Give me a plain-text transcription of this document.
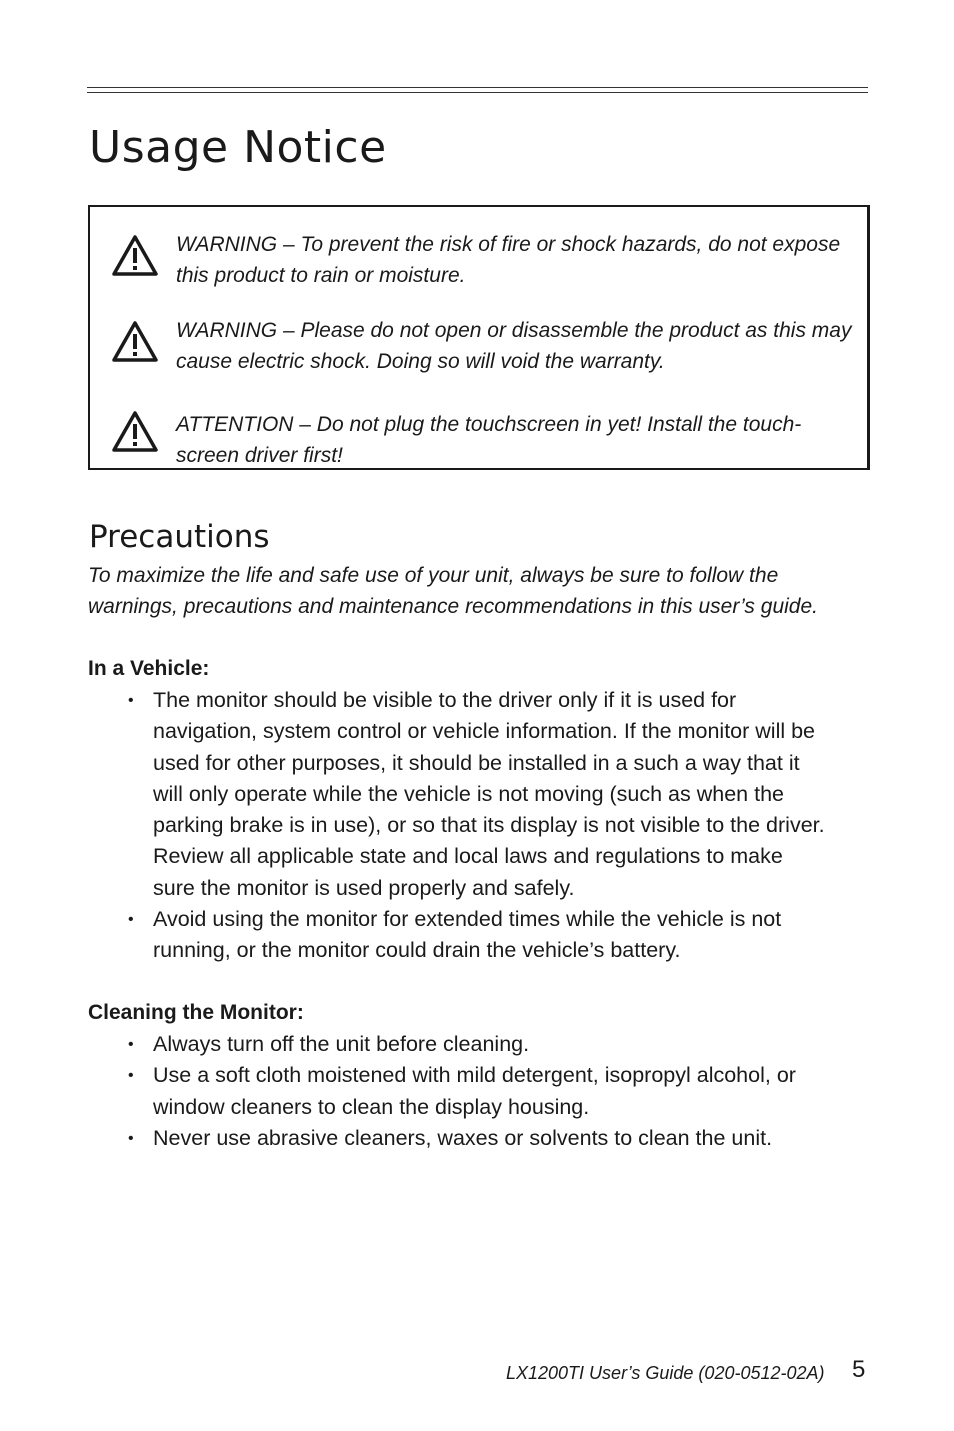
Usage Notice
WARNING – To prevent the risk of fire or shock hazards, do not expose this product to rain or moisture.
WARNING – Please do not open or disassemble the product as this may cause electric shock. Doing so will void the warranty.
ATTENTION – Do not plug the touchscreen in yet! Install the touch-screen driver first!
Precautions
To maximize the life and safe use of your unit, always be sure to follow the warnings, precautions and maintenance recommendations in this user’s guide.
In a Vehicle:
• The monitor should be visible to the driver only if it is used for navigation, system control or vehicle information. If the monitor will be used for other purposes, it should be installed in a such a way that it will only operate while the vehicle is not moving (such as when the parking brake is in use), or so that its display is not visible to the driver. Review all applicable state and local laws and regulations to make sure the monitor is used properly and safely.
• Avoid using the monitor for extended times while the vehicle is not running, or the monitor could drain the vehicle’s battery.
Cleaning the Monitor:
• Always turn off the unit before cleaning.
• Use a soft cloth moistened with mild detergent, isopropyl alcohol, or window cleaners to clean the display housing.
• Never use abrasive cleaners, waxes or solvents to clean the unit.
LX1200TI User’s Guide (020-0512-02A) 5
